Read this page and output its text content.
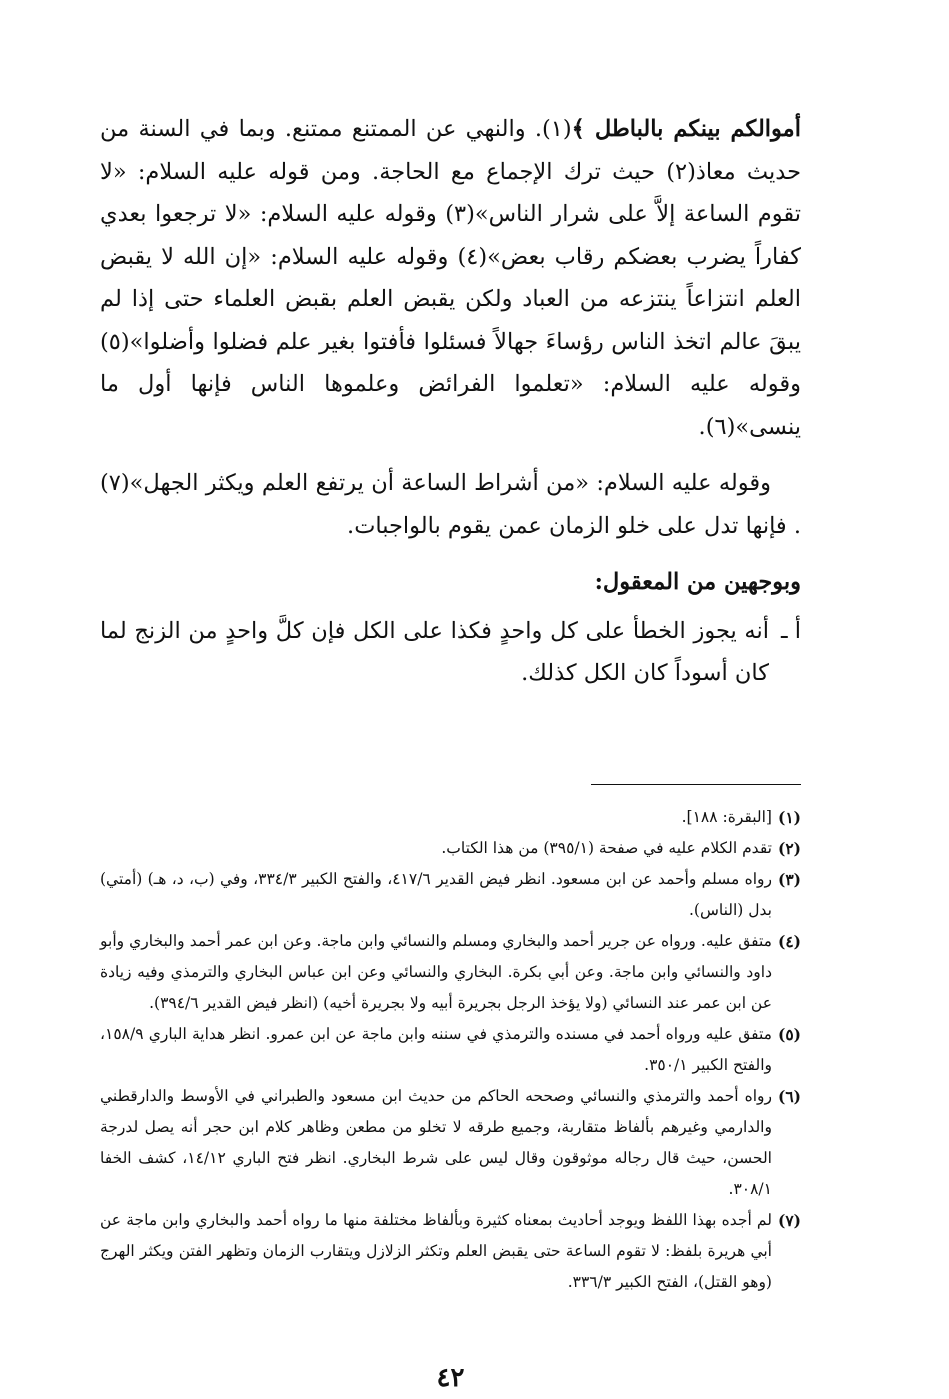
أموالكم بينكم بالباطل ﴾(١). والنهي عن الممتنع ممتنع. وبما في السنة من حديث معاذ(٢) حيث ترك الإجماع مع الحاجة. ومن قوله عليه السلام: «لا تقوم الساعة إلاَّ على شرار الناس»(٣) وقوله عليه السلام: «لا ترجعوا بعدي كفاراً يضرب بعضكم رقاب بعض»(٤) وقوله عليه السلام: «إن الله لا يقبض العلم انتزاعاً ينتزعه من العباد ولكن يقبض العلم بقبض العلماء حتى إذا لم يبقَ عالم اتخذ الناس رؤساءَ جهالاً فسئلوا فأفتوا بغير علم فضلوا وأضلوا»(٥) وقوله عليه السلام: «تعلموا الفرائض وعلموها الناس فإنها أول ما ينسى»(٦).

وقوله عليه السلام: «من أشراط الساعة أن يرتفع العلم ويكثر الجهل»(٧) . فإنها تدل على خلو الزمان عمن يقوم بالواجبات.

وبوجهين من المعقول:

أ ـ
أنه يجوز الخطأ على كل واحدٍ فكذا على الكل فإن كلَّ واحدٍ من الزنج لما كان أسوداً كان الكل كذلك.

(١)
[البقرة: ١٨٨].
(٢)
تقدم الكلام عليه في صفحة (٣٩٥/١) من هذا الكتاب.
(٣)
رواه مسلم وأحمد عن ابن مسعود. انظر فيض القدير ٤١٧/٦، والفتح الكبير ٣٣٤/٣، وفي (ب، د، هـ) (أمتي) بدل (الناس).
(٤)
متفق عليه. ورواه عن جرير أحمد والبخاري ومسلم والنسائي وابن ماجة. وعن ابن عمر أحمد والبخاري وأبو داود والنسائي وابن ماجة. وعن أبي بكرة. البخاري والنسائي وعن ابن عباس البخاري والترمذي وفيه زيادة عن ابن عمر عند النسائي (ولا يؤخذ الرجل بجريرة أبيه ولا بجريرة أخيه) (انظر فيض القدير ٣٩٤/٦).
(٥)
متفق عليه ورواه أحمد في مسنده والترمذي في سننه وابن ماجة عن ابن عمرو. انظر هداية الباري ١٥٨/٩، والفتح الكبير ٣٥٠/١.
(٦)
رواه أحمد والترمذي والنسائي وصححه الحاكم من حديث ابن مسعود والطبراني في الأوسط والدارقطني والدارمي وغيرهم بألفاظ متقاربة، وجميع طرقه لا تخلو من مطعن وظاهر كلام ابن حجر أنه يصل لدرجة الحسن، حيث قال رجاله موثوقون وقال ليس على شرط البخاري. انظر فتح الباري ١٤/١٢، كشف الخفا ٣٠٨/١.
(٧)
لم أجده بهذا اللفظ ويوجد أحاديث بمعناه كثيرة وبألفاظ مختلفة منها ما رواه أحمد والبخاري وابن ماجة عن أبي هريرة بلفظ: لا تقوم الساعة حتى يقبض العلم وتكثر الزلازل ويتقارب الزمان وتظهر الفتن ويكثر الهرج (وهو القتل)، الفتح الكبير ٣٣٦/٣.
٤٢
